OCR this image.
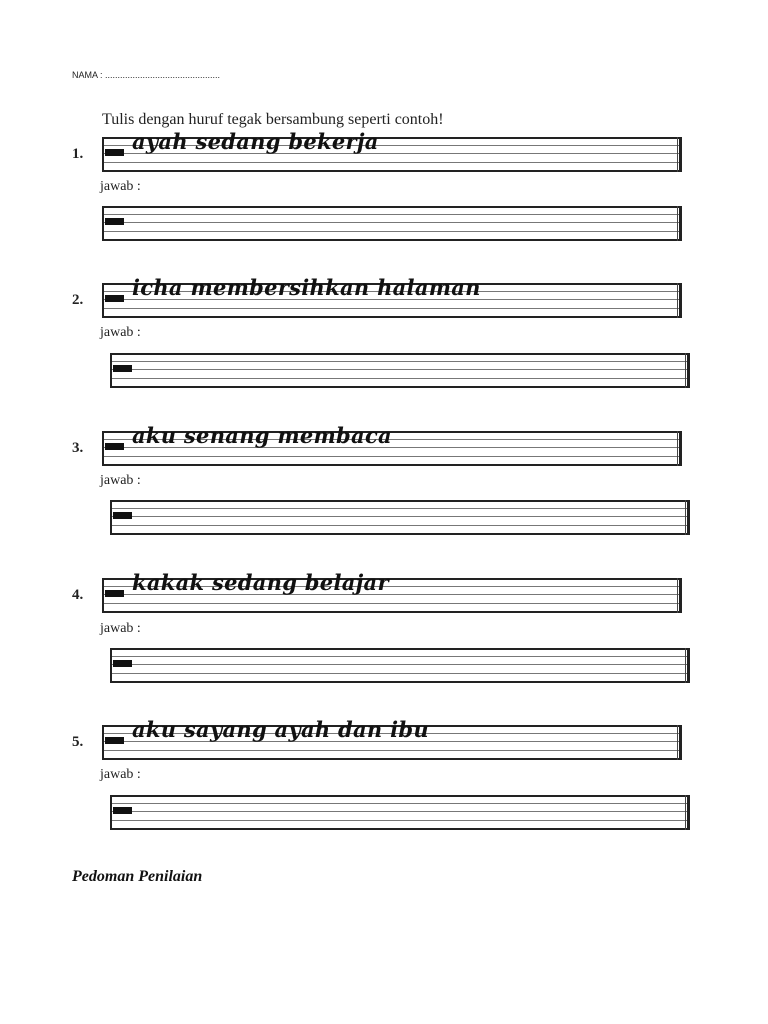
NAMA : ..............................................
Tulis dengan huruf tegak bersambung seperti contoh!
1. ayah sedang bekerja
jawab :
2. icha membersihkan halaman
jawab :
3. aku senang membaca
jawab :
4. kakak sedang belajar
jawab :
5. aku sayang ayah dan ibu
jawab :
Pedoman Penilaian
